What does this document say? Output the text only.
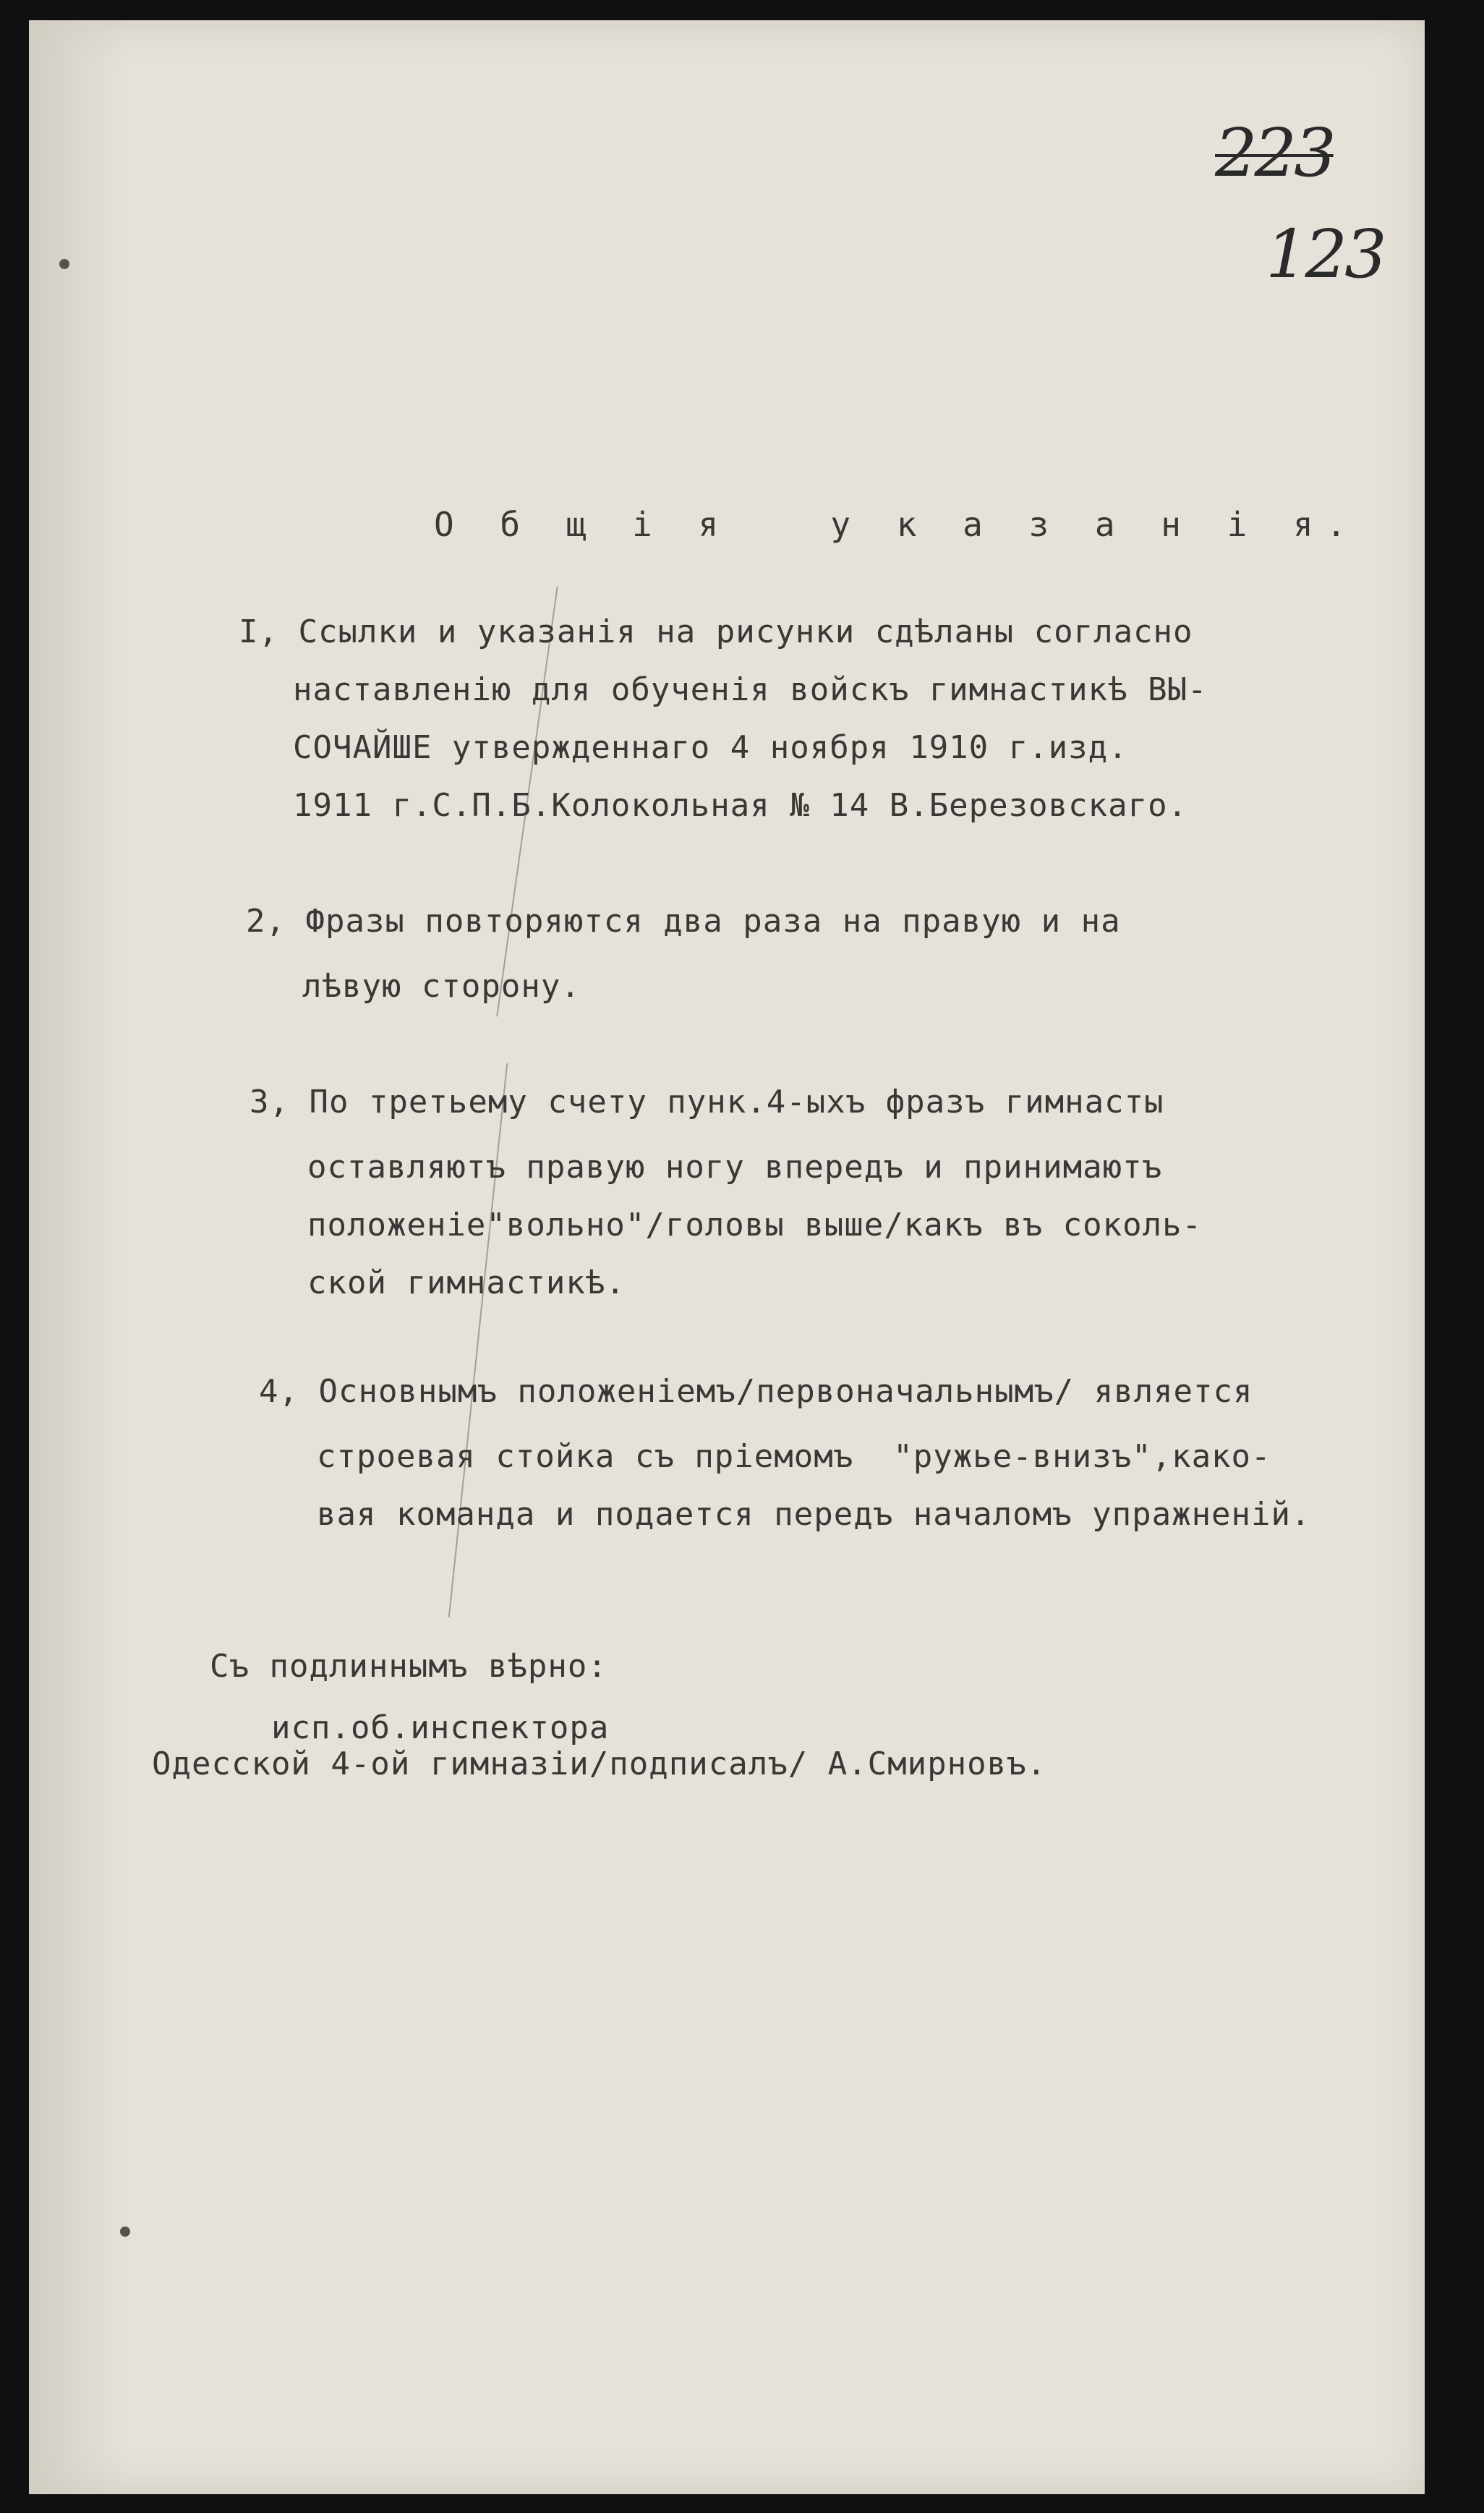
223
123
О б щ і я   у к а з а н і я.
I, Ссылки и указанія на рисунки сдѣланы согласно
наставленію для обученія войскъ гимнастикѣ ВЫ-
СОЧАЙШЕ утвержденнаго 4 ноября 1910 г.изд.
1911 г.С.П.Б.Колокольная № 14 В.Березовскаго.
2, Фразы повторяются два раза на правую и на
лѣвую сторону.
3, По третьему счету пунк.4-ыхъ фразъ гимнасты
оставляютъ правую ногу впередъ и принимаютъ
положеніе"вольно"/головы выше/какъ въ соколь-
ской гимнастикѣ.
4, Основнымъ положеніемъ/первоначальнымъ/ является
строевая стойка съ пріемомъ  "ружье-внизъ",како-
вая команда и подается передъ началомъ упражненій.
Съ подлиннымъ вѣрно:
исп.об.инспектора
Одесской 4-ой гимназіи/подписалъ/ А.Смирновъ.
